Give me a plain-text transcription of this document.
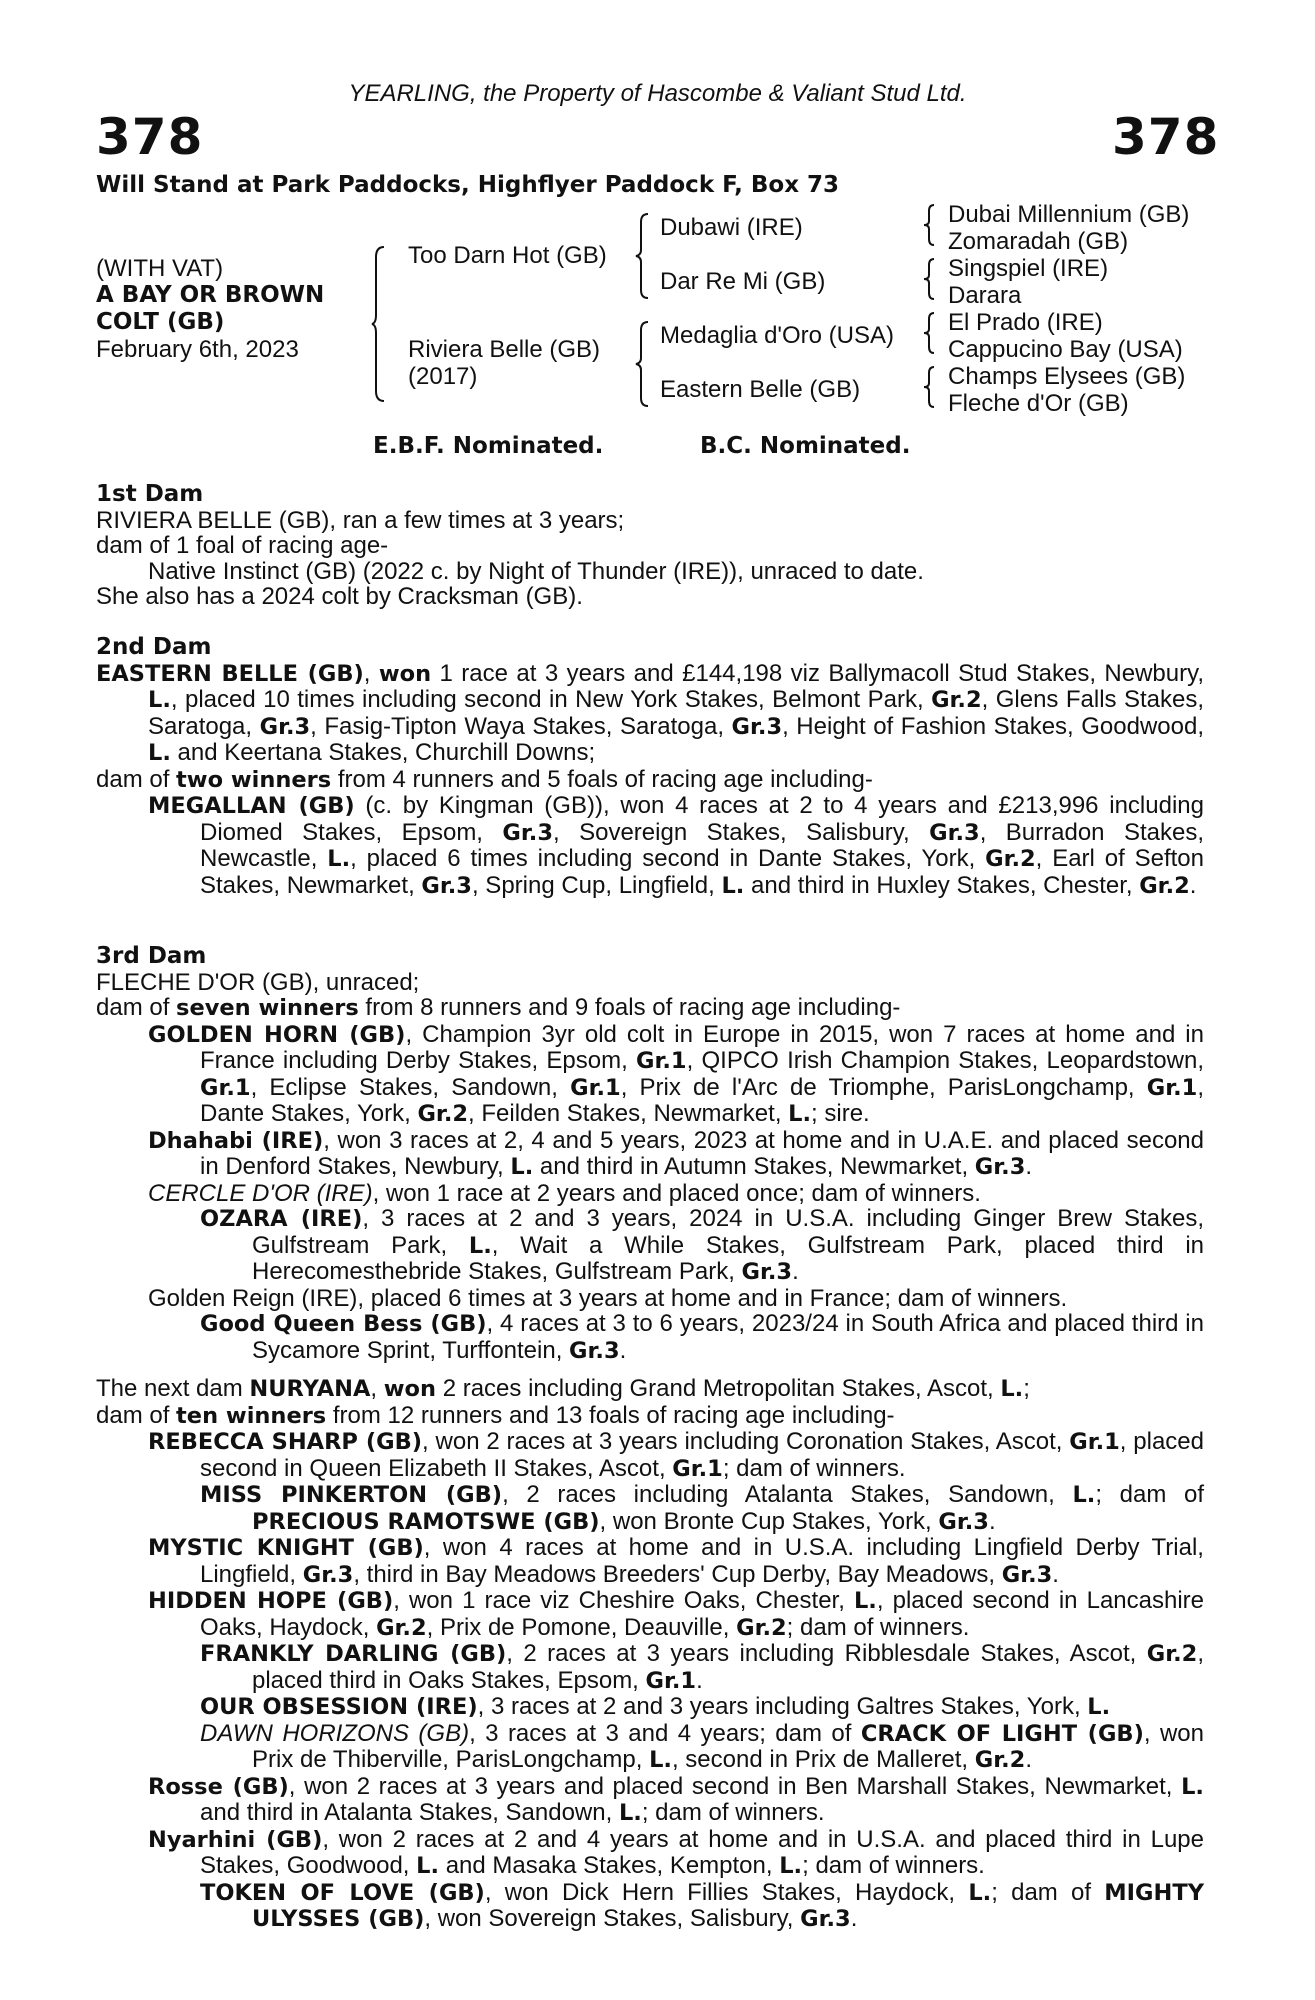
YEARLING, the Property of Hascombe & Valiant Stud Ltd.
378	378
Will Stand at Park Paddocks, Highflyer Paddock F, Box 73
(WITH VAT)
A BAY OR BROWN
COLT (GB)
February 6th, 2023
Too Darn Hot (GB)
Riviera Belle (GB)
(2017)
Dubawi (IRE)
Dar Re Mi (GB)
Medaglia d'Oro (USA)
Eastern Belle (GB)
Dubai Millennium (GB)
Zomaradah (GB)
Singspiel (IRE)
Darara
El Prado (IRE)
Cappucino Bay (USA)
Champs Elysees (GB)
Fleche d'Or (GB)
E.B.F. Nominated.	B.C. Nominated.
1st Dam
RIVIERA BELLE (GB), ran a few times at 3 years;
dam of 1 foal of racing age-
Native Instinct (GB) (2022 c. by Night of Thunder (IRE)), unraced to date.
She also has a 2024 colt by Cracksman (GB).
2nd Dam

EASTERN BELLE (GB), won 1 race at 3 years and £144,198 viz Ballymacoll Stud Stakes, Newbury, L., placed 10 times including second in New York Stakes, Belmont Park, Gr.2, Glens Falls Stakes, Saratoga, Gr.3, Fasig-Tipton Waya Stakes, Saratoga, Gr.3, Height of Fashion Stakes, Goodwood, L. and Keertana Stakes, Churchill Downs;

dam of two winners from 4 runners and 5 foals of racing age including-

MEGALLAN (GB) (c. by Kingman (GB)), won 4 races at 2 to 4 years and £213,996 including Diomed Stakes, Epsom, Gr.3, Sovereign Stakes, Salisbury, Gr.3, Burradon Stakes, Newcastle, L., placed 6 times including second in Dante Stakes, York, Gr.2, Earl of Sefton Stakes, Newmarket, Gr.3, Spring Cup, Lingfield, L. and third in Huxley Stakes, Chester, Gr.2.

3rd Dam

FLECHE D'OR (GB), unraced;

dam of seven winners from 8 runners and 9 foals of racing age including-

GOLDEN HORN (GB), Champion 3yr old colt in Europe in 2015, won 7 races at home and in France including Derby Stakes, Epsom, Gr.1, QIPCO Irish Champion Stakes, Leopardstown, Gr.1, Eclipse Stakes, Sandown, Gr.1, Prix de l'Arc de Triomphe, ParisLongchamp, Gr.1, Dante Stakes, York, Gr.2, Feilden Stakes, Newmarket, L.; sire.

Dhahabi (IRE), won 3 races at 2, 4 and 5 years, 2023 at home and in U.A.E. and placed second in Denford Stakes, Newbury, L. and third in Autumn Stakes, Newmarket, Gr.3.

CERCLE D'OR (IRE), won 1 race at 2 years and placed once; dam of winners.

OZARA (IRE), 3 races at 2 and 3 years, 2024 in U.S.A. including Ginger Brew Stakes, Gulfstream Park, L., Wait a While Stakes, Gulfstream Park, placed third in Herecomesthebride Stakes, Gulfstream Park, Gr.3.

Golden Reign (IRE), placed 6 times at 3 years at home and in France; dam of winners.

Good Queen Bess (GB), 4 races at 3 to 6 years, 2023/24 in South Africa and placed third in Sycamore Sprint, Turffontein, Gr.3.

The next dam NURYANA, won 2 races including Grand Metropolitan Stakes, Ascot, L.;

dam of ten winners from 12 runners and 13 foals of racing age including-

REBECCA SHARP (GB), won 2 races at 3 years including Coronation Stakes, Ascot, Gr.1, placed second in Queen Elizabeth II Stakes, Ascot, Gr.1; dam of winners.

MISS PINKERTON (GB), 2 races including Atalanta Stakes, Sandown, L.; dam of PRECIOUS RAMOTSWE (GB), won Bronte Cup Stakes, York, Gr.3.

MYSTIC KNIGHT (GB), won 4 races at home and in U.S.A. including Lingfield Derby Trial, Lingfield, Gr.3, third in Bay Meadows Breeders' Cup Derby, Bay Meadows, Gr.3.

HIDDEN HOPE (GB), won 1 race viz Cheshire Oaks, Chester, L., placed second in Lancashire Oaks, Haydock, Gr.2, Prix de Pomone, Deauville, Gr.2; dam of winners.

FRANKLY DARLING (GB), 2 races at 3 years including Ribblesdale Stakes, Ascot, Gr.2, placed third in Oaks Stakes, Epsom, Gr.1.

OUR OBSESSION (IRE), 3 races at 2 and 3 years including Galtres Stakes, York, L.

DAWN HORIZONS (GB), 3 races at 3 and 4 years; dam of CRACK OF LIGHT (GB), won Prix de Thiberville, ParisLongchamp, L., second in Prix de Malleret, Gr.2.

Rosse (GB), won 2 races at 3 years and placed second in Ben Marshall Stakes, Newmarket, L. and third in Atalanta Stakes, Sandown, L.; dam of winners.

Nyarhini (GB), won 2 races at 2 and 4 years at home and in U.S.A. and placed third in Lupe Stakes, Goodwood, L. and Masaka Stakes, Kempton, L.; dam of winners.

TOKEN OF LOVE (GB), won Dick Hern Fillies Stakes, Haydock, L.; dam of MIGHTY ULYSSES (GB), won Sovereign Stakes, Salisbury, Gr.3.
